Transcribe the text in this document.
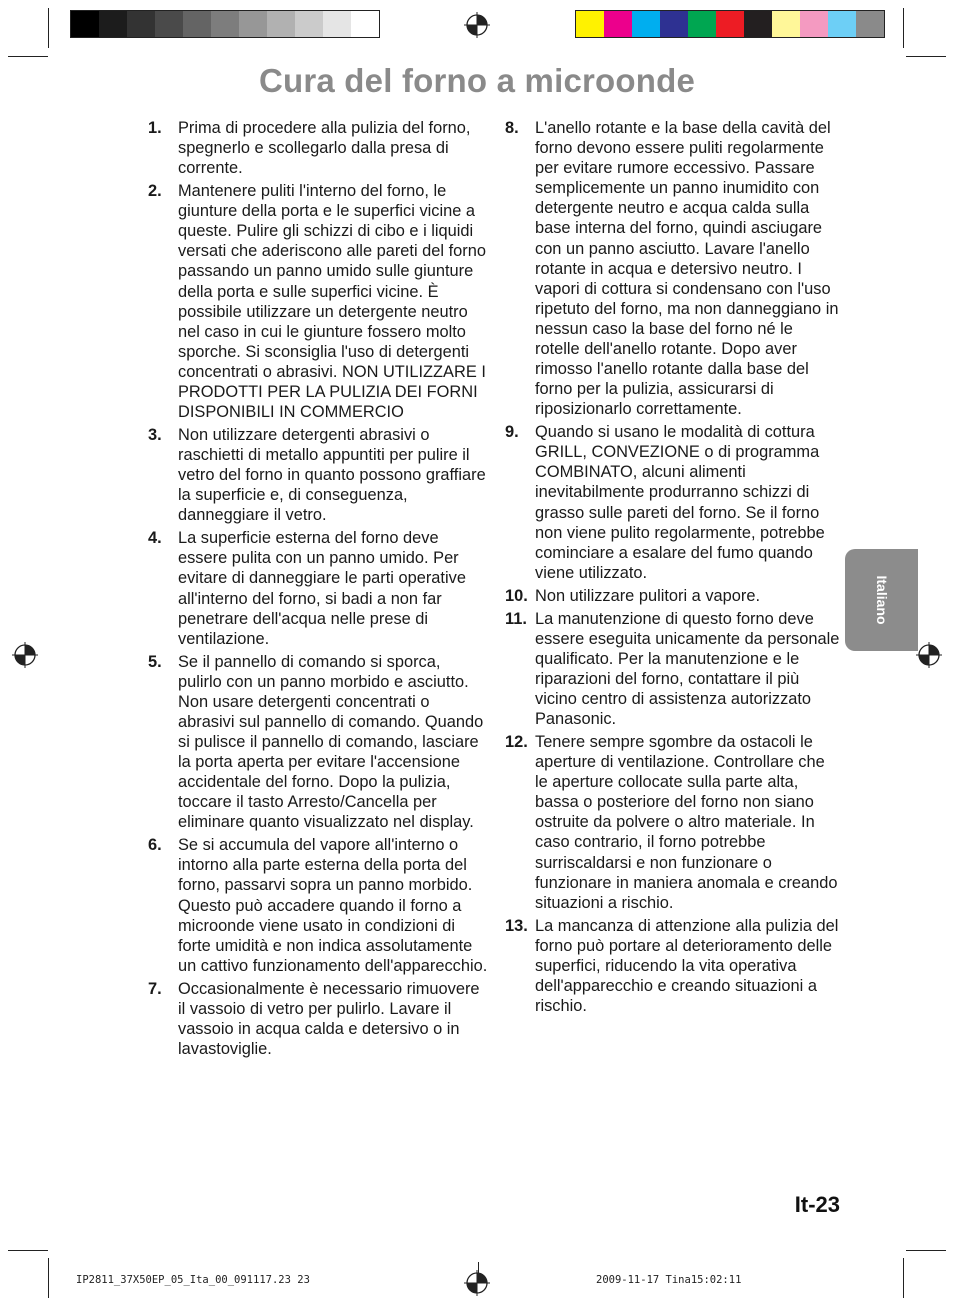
Cura del forno a microonde
1. Prima di procedere alla pulizia del forno, spegnerlo e scollegarlo dalla presa di corrente.
2. Mantenere puliti l'interno del forno, le giunture della porta e le superfici vicine a queste. Pulire gli schizzi di cibo e i liquidi versati che aderiscono alle pareti del forno passando un panno umido sulle giunture della porta e sulle superfici vicine. È possibile utilizzare un detergente neutro nel caso in cui le giunture fossero molto sporche. Si sconsiglia l'uso di detergenti concentrati o abrasivi. NON UTILIZZARE I PRODOTTI PER LA PULIZIA DEI FORNI DISPONIBILI IN COMMERCIO
3. Non utilizzare detergenti abrasivi o raschietti di metallo appuntiti per pulire il vetro del forno in quanto possono graffiare la superficie e, di conseguenza, danneggiare il vetro.
4. La superficie esterna del forno deve essere pulita con un panno umido. Per evitare di danneggiare le parti operative all'interno del forno, si badi a non far penetrare dell'acqua nelle prese di ventilazione.
5. Se il pannello di comando si sporca, pulirlo con un panno morbido e asciutto. Non usare detergenti concentrati o abrasivi sul pannello di comando. Quando si pulisce il pannello di comando, lasciare la porta aperta per evitare l'accensione accidentale del forno. Dopo la pulizia, toccare il tasto Arresto/Cancella per eliminare quanto visualizzato nel display.
6. Se si accumula del vapore all'interno o intorno alla parte esterna della porta del forno, passarvi sopra un panno morbido. Questo può accadere quando il forno a microonde viene usato in condizioni di forte umidità e non indica assolutamente un cattivo funzionamento dell'apparecchio.
7. Occasionalmente è necessario rimuovere il vassoio di vetro per pulirlo. Lavare il vassoio in acqua calda e detersivo o in lavastoviglie.
8. L'anello rotante e la base della cavità del forno devono essere puliti regolarmente per evitare rumore eccessivo. Passare semplicemente un panno inumidito con detergente neutro e acqua calda sulla base interna del forno, quindi asciugare con un panno asciutto. Lavare l'anello rotante in acqua e detersivo neutro. I vapori di cottura si condensano con l'uso ripetuto del forno, ma non danneggiano in nessun caso la base del forno né le rotelle dell'anello rotante. Dopo aver rimosso l'anello rotante dalla base del forno per la pulizia, assicurarsi di riposizionarlo correttamente.
9. Quando si usano le modalità di cottura GRILL, CONVEZIONE o di programma COMBINATO, alcuni alimenti inevitabilmente produrranno schizzi di grasso sulle pareti del forno. Se il forno non viene pulito regolarmente, potrebbe cominciare a esalare del fumo quando viene utilizzato.
10. Non utilizzare pulitori a vapore.
11. La manutenzione di questo forno deve essere eseguita unicamente da personale qualificato. Per la manutenzione e le riparazioni del forno, contattare il più vicino centro di assistenza autorizzato Panasonic.
12. Tenere sempre sgombre da ostacoli le aperture di ventilazione. Controllare che le aperture collocate sulla parte alta, bassa o posteriore del forno non siano ostruite da polvere o altro materiale. In caso contrario, il forno potrebbe surriscaldarsi e non funzionare o funzionare in maniera anomala e creando situazioni a rischio.
13. La mancanza di attenzione alla pulizia del forno può portare al deterioramento delle superfici, riducendo la vita operativa dell'apparecchio e creando situazioni a rischio.
Italiano
It-23
IP2811_37X50EP_05_Ita_00_091117.23 23	2009-11-17 Tina15:02:11
